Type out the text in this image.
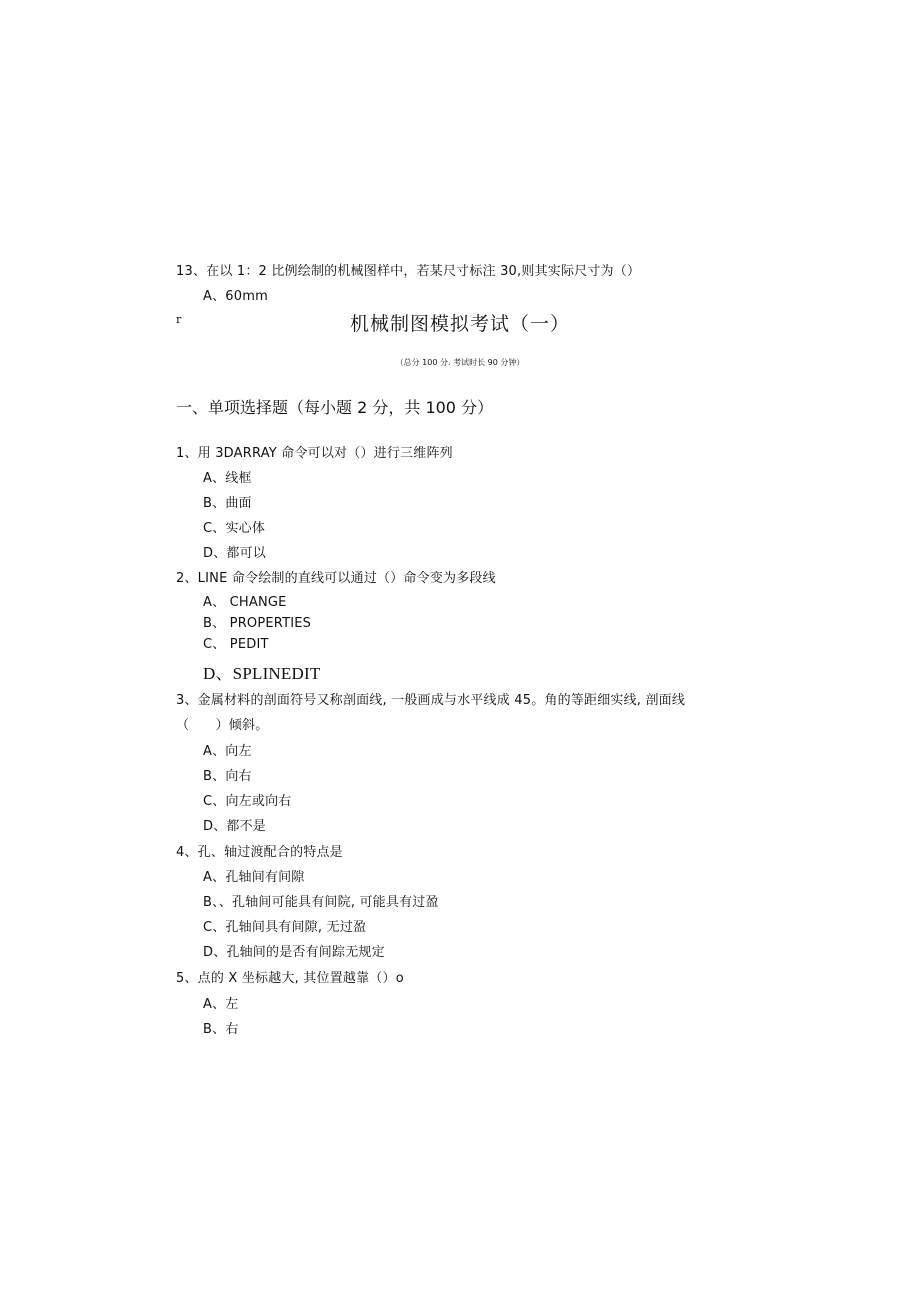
13、在以 1：2 比例绘制的机械图样中，若某尺寸标注 30,则其实际尺寸为（）
A、60mm
r	机械制图模拟考试（一）
（总分 100 分. 考试时长 90 分钟）
一、单项选择题（每小题 2 分，共 100 分）
1、用 3DARRAY 命令可以对（）进行三维阵列
A、线框
B、曲面
C、实心体
D、都可以
2、LINE 命令绘制的直线可以通过（）命令变为多段线
A、 CHANGE
B、 PROPERTIES
C、 PEDIT
D、SPLINEDIT
3、金属材料的剖面符号又称剖面线, 一般画成与水平线成 45。角的等距细实线, 剖面线
（　　）倾斜。
A、向左
B、向右
C、向左或向右
D、都不是
4、孔、轴过渡配合的特点是
A、孔轴间有间隙
B、、孔轴间可能具有间院, 可能具有过盈
C、孔轴间具有间隙, 无过盈
D、孔轴间的是否有间踪无规定
5、点的 X 坐标越大, 其位置越靠（）o
A、左
B、右
